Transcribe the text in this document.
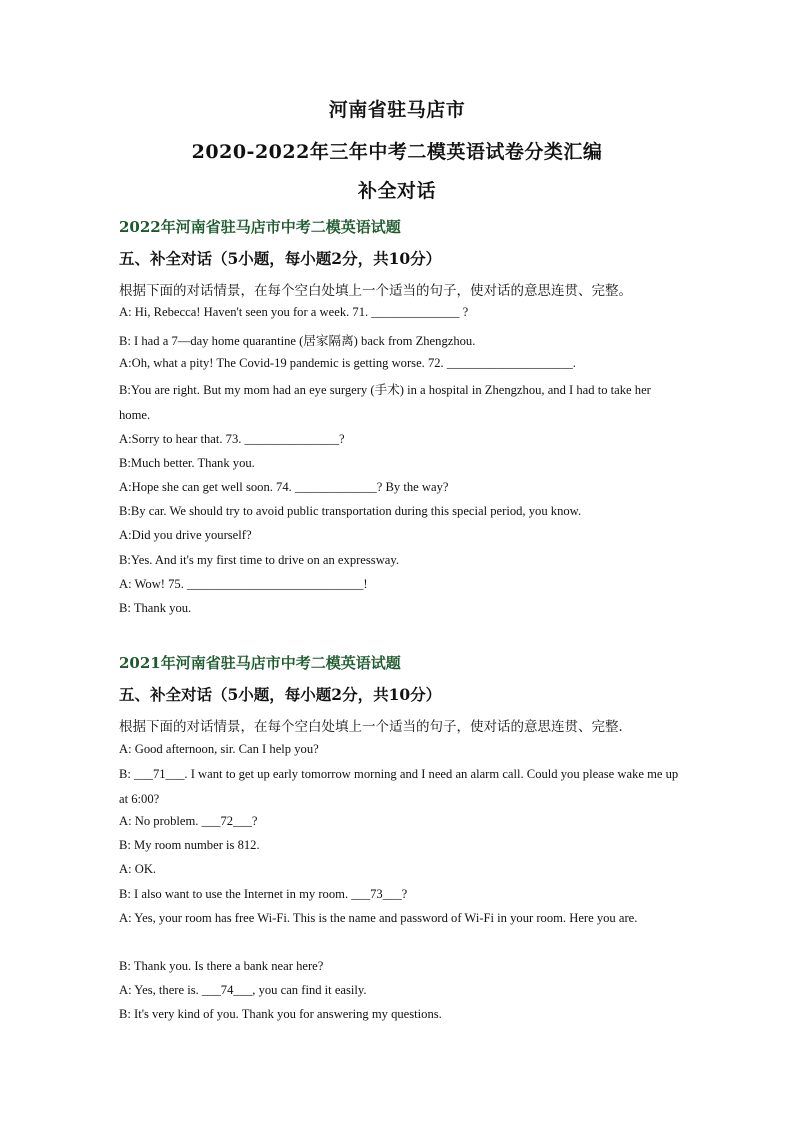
河南省驻马店市
2020-2022年三年中考二模英语试卷分类汇编
补全对话
2022年河南省驻马店市中考二模英语试题
五、补全对话（5小题，每小题2分，共10分）
根据下面的对话情景，在每个空白处填上一个适当的句子，使对话的意思连贯、完整。
A: Hi, Rebecca! Haven't seen you for a week. 71. ______________ ?
B: I had a 7—day home quarantine (居家隔离) back from Zhengzhou.
A:Oh, what a pity! The Covid-19 pandemic is getting worse. 72. ____________________.
B:You are right. But my mom had an eye surgery (手术) in a hospital in Zhengzhou, and I had to take her home.
A:Sorry to hear that. 73. _______________?
B:Much better. Thank you.
A:Hope she can get well soon. 74. _____________? By the way?
B:By car. We should try to avoid public transportation during this special period, you know.
A:Did you drive yourself?
B:Yes. And it's my first time to drive on an expressway.
A: Wow! 75. ____________________________!
B: Thank you.
2021年河南省驻马店市中考二模英语试题
五、补全对话（5小题，每小题2分，共10分）
根据下面的对话情景，在每个空白处填上一个适当的句子，使对话的意思连贯、完整．
A: Good afternoon, sir. Can I help you?
B: ___71___. I want to get up early tomorrow morning and I need an alarm call. Could you please wake me up at 6:00?
A: No problem. ___72___?
B: My room number is 812.
A: OK.
B: I also want to use the Internet in my room. ___73___?
A: Yes, your room has free Wi-Fi. This is the name and password of Wi-Fi in your room. Here you are.
B: Thank you. Is there a bank near here?
A: Yes, there is. ___74___, you can find it easily.
B: It's very kind of you. Thank you for answering my questions.
